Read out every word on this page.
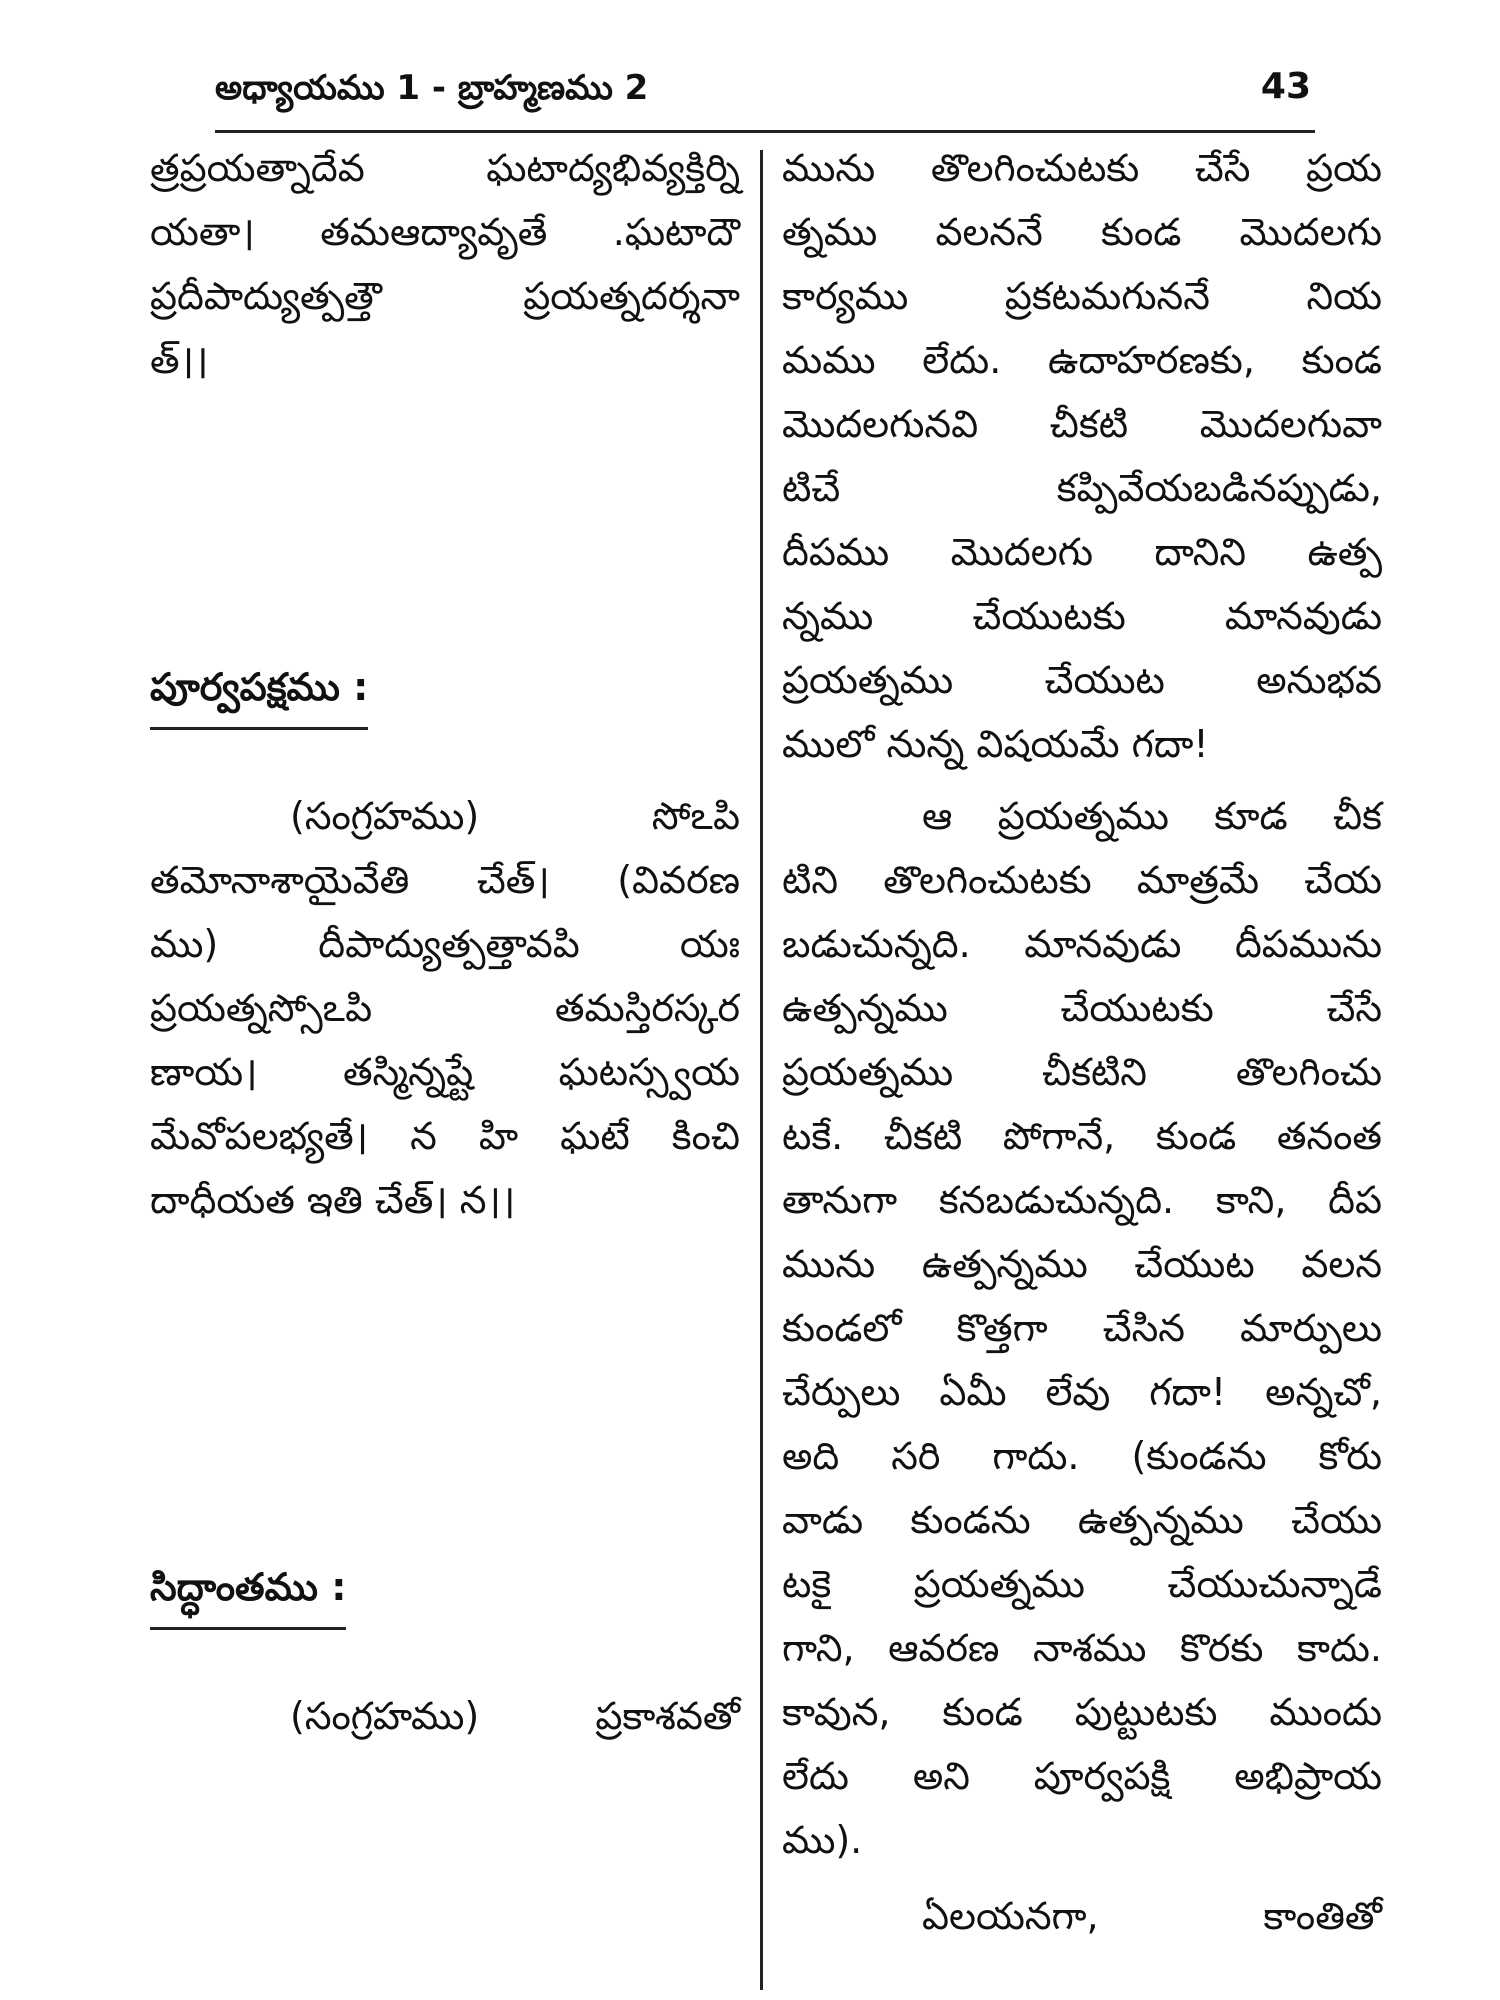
అధ్యాయము 1 - బ్రాహ్మణము 2	43
త్రప్రయత్నాదేవ ఘటాద్యభివ్యక్తిర్ని
యతా। తమఆద్యావృతే .ఘటాదౌ
ప్రదీపాద్యుత్పత్తౌ ప్రయత్నదర్శనా
త్।।
పూర్వపక్షము :
(సంగ్రహము) సోఽపి
తమోనాశాయైవేతి చేత్। (వివరణ
ము) దీపాద్యుత్పత్తావపి యః
ప్రయత్నస్సోఽపి తమస్తిరస్కర
ణాయ। తస్మిన్నష్టే ఘటస్స్వయ
మేవోపలభ్యతే। న హి ఘటే కించి
దాధీయత ఇతి చేత్। న।।
సిద్ధాంతము :
(సంగ్రహము) ప్రకాశవతో
మును తొలగించుటకు చేసే ప్రయ
త్నము వలననే కుండ మొదలగు
కార్యము ప్రకటమగుననే నియ
మము లేదు. ఉదాహరణకు, కుండ
మొదలగునవి చీకటి మొదలగువా
టిచే కప్పివేయబడినప్పుడు,
దీపము మొదలగు దానిని ఉత్ప
న్నము చేయుటకు మానవుడు
ప్రయత్నము చేయుట అనుభవ
ములో నున్న విషయమే గదా!
ఆ ప్రయత్నము కూడ చీక
టిని తొలగించుటకు మాత్రమే చేయ
బడుచున్నది. మానవుడు దీపమును
ఉత్పన్నము చేయుటకు చేసే
ప్రయత్నము చీకటిని తొలగించు
టకే. చీకటి పోగానే, కుండ తనంత
తానుగా కనబడుచున్నది. కాని, దీప
మును ఉత్పన్నము చేయుట వలన
కుండలో కొత్తగా చేసిన మార్పులు
చేర్పులు ఏమీ లేవు గదా! అన్నచో,
అది సరి గాదు. (కుండను కోరు
వాడు కుండను ఉత్పన్నము చేయు
టకై ప్రయత్నము చేయుచున్నాడే
గాని, ఆవరణ నాశము కొరకు కాదు.
కావున, కుండ పుట్టుటకు ముందు
లేదు అని పూర్వపక్షి అభిప్రాయ
ము).
ఏలయనగా, కాంతితో
